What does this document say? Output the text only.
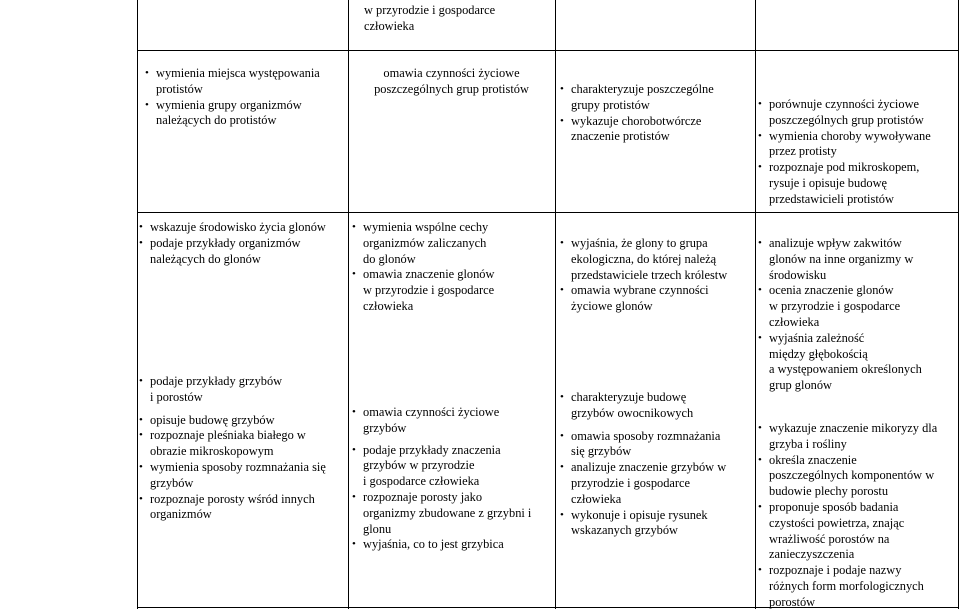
w przyrodzie i gospodarce
człowieka
• wymienia miejsca występowania
protistów
• wymienia grupy organizmów
należących do protistów
omawia czynności życiowe
poszczególnych grup protistów
•	charakteryzuje poszczególne
grupy protistów
• wykazuje chorobotwórcze
znaczenie protistów
• porównuje czynności życiowe
poszczególnych grup protistów
• wymienia choroby wywoływane
przez protisty
• rozpoznaje pod mikroskopem,
rysuje i opisuje budowę
przedstawicieli protistów
• wskazuje środowisko życia glonów
• podaje przykłady organizmów
należących do glonów
• podaje przykłady grzybów
i porostów
• opisuje budowę grzybów
• rozpoznaje pleśniaka białego w
obrazie mikroskopowym
• wymienia sposoby rozmnażania się
grzybów
• rozpoznaje porosty wśród innych
organizmów
• wymienia wspólne cechy
organizmów zaliczanych
do glonów
• omawia znaczenie glonów
w przyrodzie i gospodarce
człowieka
• omawia czynności życiowe
grzybów
• podaje przykłady znaczenia
grzybów w przyrodzie
i gospodarce człowieka
• rozpoznaje porosty jako
organizmy zbudowane z grzybni i
glonu
• wyjaśnia, co to jest grzybica
• wyjaśnia, że glony to grupa
ekologiczna, do której należą
przedstawiciele trzech królestw
• omawia wybrane czynności
życiowe glonów
• charakteryzuje budowę
grzybów owocnikowych
• omawia sposoby rozmnażania
się grzybów
• analizuje znaczenie grzybów w
przyrodzie i gospodarce
człowieka
• wykonuje i opisuje rysunek
wskazanych grzybów
• analizuje wpływ zakwitów
glonów na inne organizmy w
środowisku
• ocenia znaczenie glonów
w przyrodzie i gospodarce
człowieka
• wyjaśnia zależność
między głębokością
a występowaniem określonych
grup glonów
• wykazuje znaczenie mikoryzy dla
grzyba i rośliny
• określa znaczenie
poszczególnych komponentów w
budowie plechy porostu
• proponuje sposób badania
czystości powietrza, znając
wrażliwość porostów na
zanieczyszczenia
• rozpoznaje i podaje nazwy
różnych form morfologicznych
porostów
